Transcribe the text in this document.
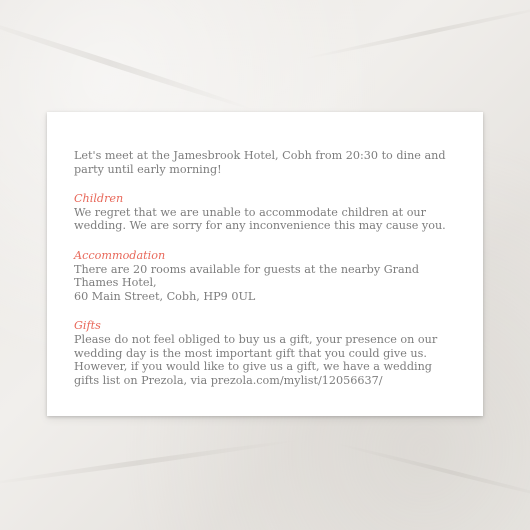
Let's meet at the Jamesbrook Hotel, Cobh from 20:30 to dine and party until early morning!
Children
We regret that we are unable to accommodate children at our
wedding. We are sorry for any inconvenience this may cause you.
Accommodation
There are 20 rooms available for guests at the nearby Grand
Thames Hotel,
60 Main Street, Cobh, HP9 0UL
Gifts
Please do not feel obliged to buy us a gift, your presence on our
wedding day is the most important gift that you could give us.
However, if you would like to give us a gift, we have a wedding
gifts list on Prezola, via prezola.com/mylist/12056637/
